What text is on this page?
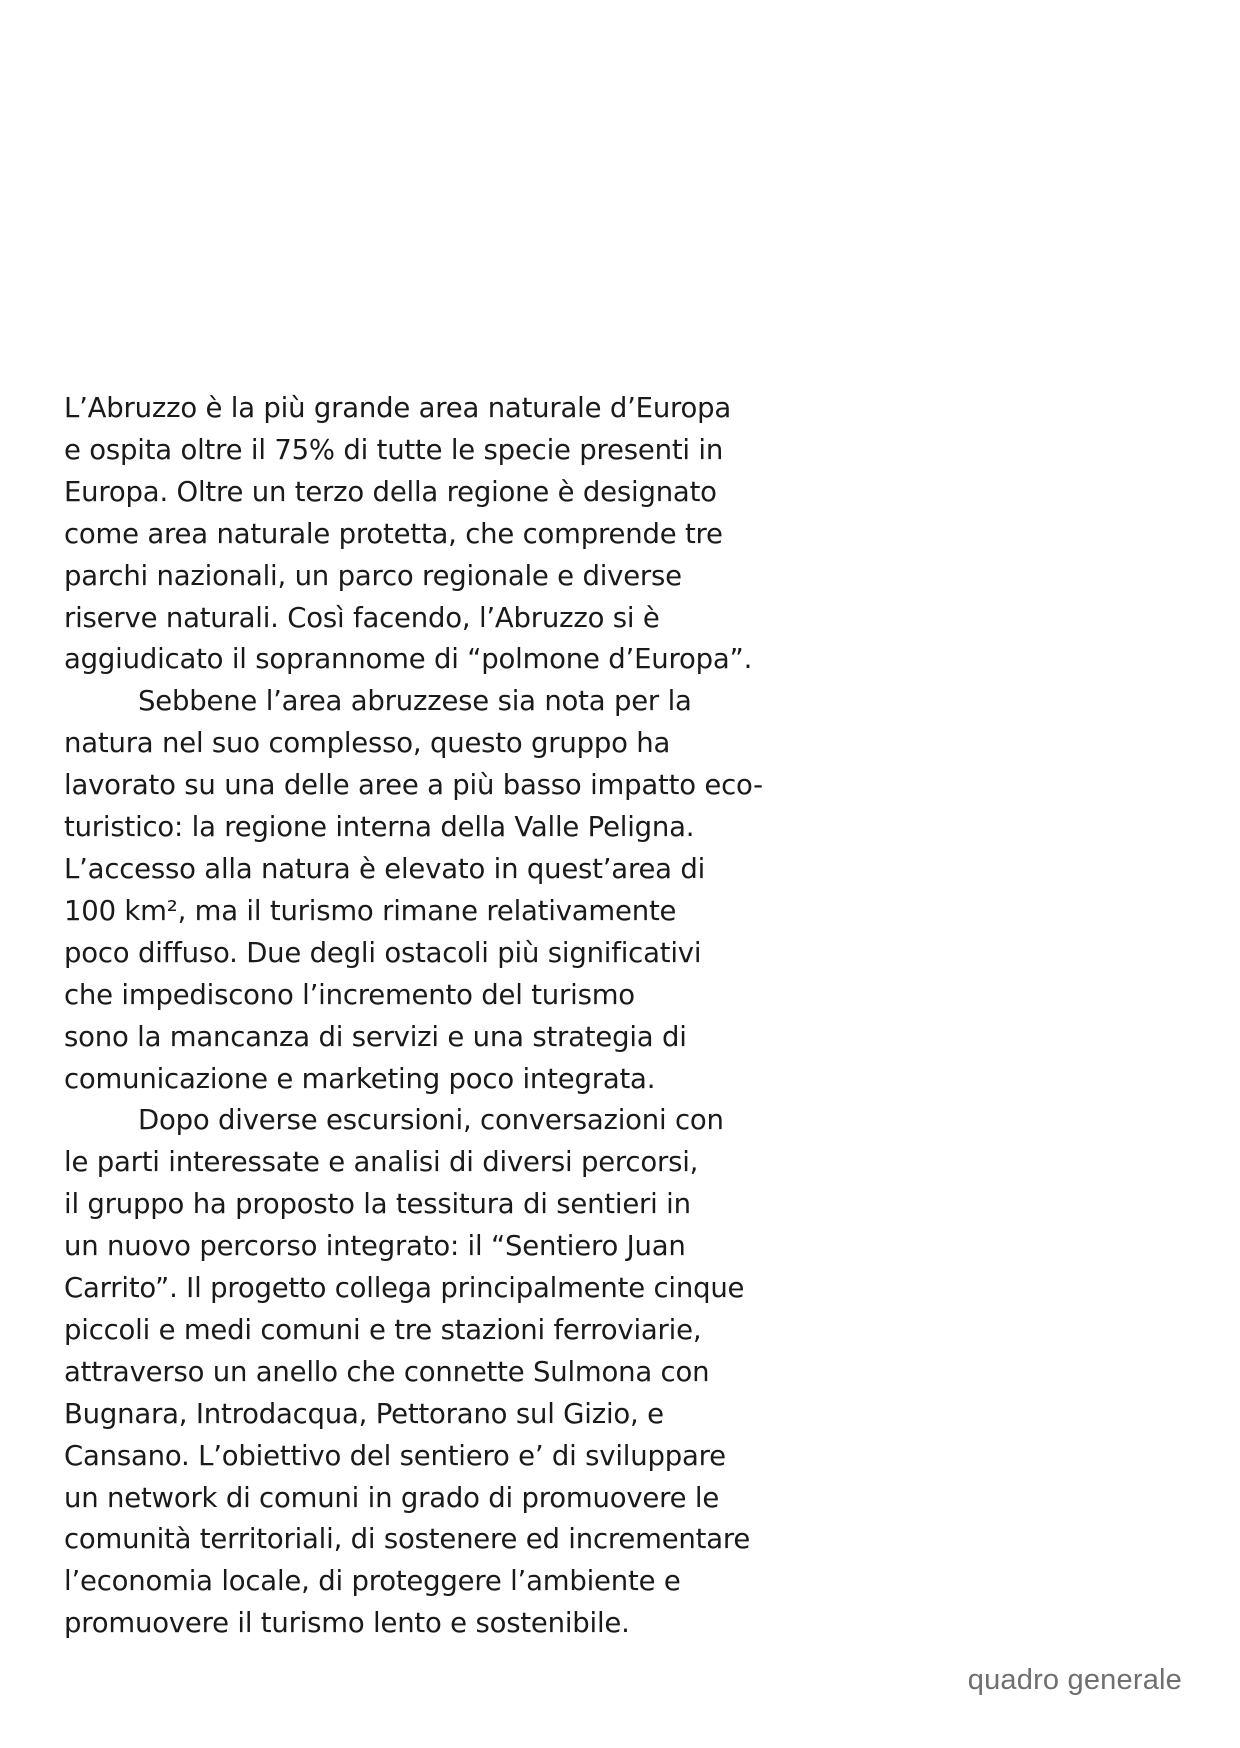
L’Abruzzo è la più grande area naturale d’Europa
e ospita oltre il 75% di tutte le specie presenti in
Europa. Oltre un terzo della regione è designato
come area naturale protetta, che comprende tre
parchi nazionali, un parco regionale e diverse
riserve naturali. Così facendo, l’Abruzzo si è
aggiudicato il soprannome di “polmone d’Europa”.
Sebbene l’area abruzzese sia nota per la
natura nel suo complesso, questo gruppo ha
lavorato su una delle aree a più basso impatto eco-
turistico: la regione interna della Valle Peligna.
L’accesso alla natura è elevato in quest’area di
100 km², ma il turismo rimane relativamente
poco diffuso. Due degli ostacoli più significativi
che impediscono l’incremento del turismo
sono la mancanza di servizi e una strategia di
comunicazione e marketing poco integrata.
Dopo diverse escursioni, conversazioni con
le parti interessate e analisi di diversi percorsi,
il gruppo ha proposto la tessitura di sentieri in
un nuovo percorso integrato: il “Sentiero Juan
Carrito”. Il progetto collega principalmente cinque
piccoli e medi comuni e tre stazioni ferroviarie,
attraverso un anello che connette Sulmona con
Bugnara, Introdacqua, Pettorano sul Gizio, e
Cansano. L’obiettivo del sentiero e’ di sviluppare
un network di comuni in grado di promuovere le
comunità territoriali, di sostenere ed incrementare
l’economia locale, di proteggere l’ambiente e
promuovere il turismo lento e sostenibile.
quadro generale
